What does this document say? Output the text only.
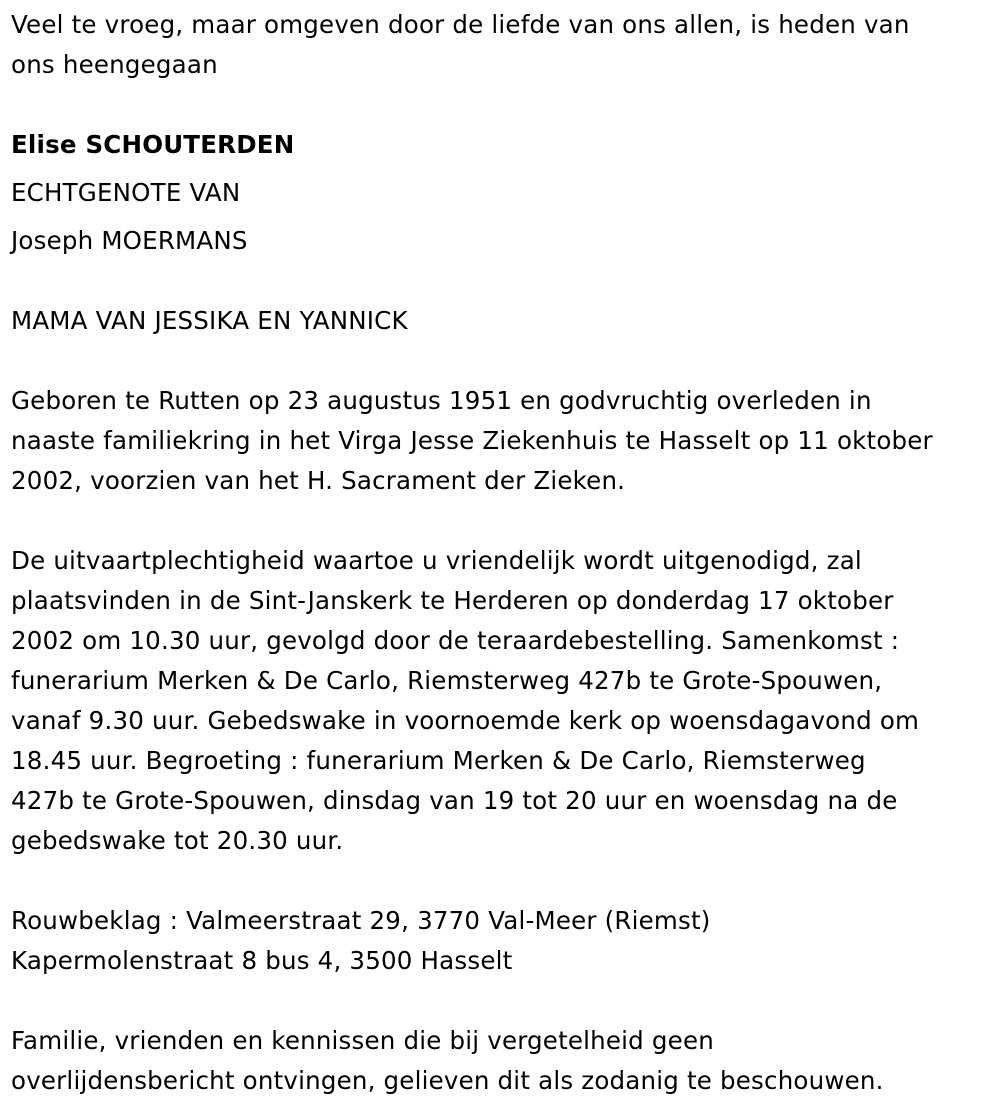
Veel te vroeg, maar omgeven door de liefde van ons allen, is heden van
ons heengegaan
Elise SCHOUTERDEN
ECHTGENOTE VAN
Joseph MOERMANS
MAMA VAN JESSIKA EN YANNICK
Geboren te Rutten op 23 augustus 1951 en godvruchtig overleden in
naaste familiekring in het Virga Jesse Ziekenhuis te Hasselt op 11 oktober
2002, voorzien van het H. Sacrament der Zieken.
De uitvaartplechtigheid waartoe u vriendelijk wordt uitgenodigd, zal
plaatsvinden in de Sint-Janskerk te Herderen op donderdag 17 oktober
2002 om 10.30 uur, gevolgd door de teraardebestelling. Samenkomst :
funerarium Merken & De Carlo, Riemsterweg 427b te Grote-Spouwen,
vanaf 9.30 uur. Gebedswake in voornoemde kerk op woensdagavond om
18.45 uur. Begroeting : funerarium Merken & De Carlo, Riemsterweg
427b te Grote-Spouwen, dinsdag van 19 tot 20 uur en woensdag na de
gebedswake tot 20.30 uur.
Rouwbeklag : Valmeerstraat 29, 3770 Val-Meer (Riemst)
Kapermolenstraat 8 bus 4, 3500 Hasselt
Familie, vrienden en kennissen die bij vergetelheid geen
overlijdensbericht ontvingen, gelieven dit als zodanig te beschouwen.
